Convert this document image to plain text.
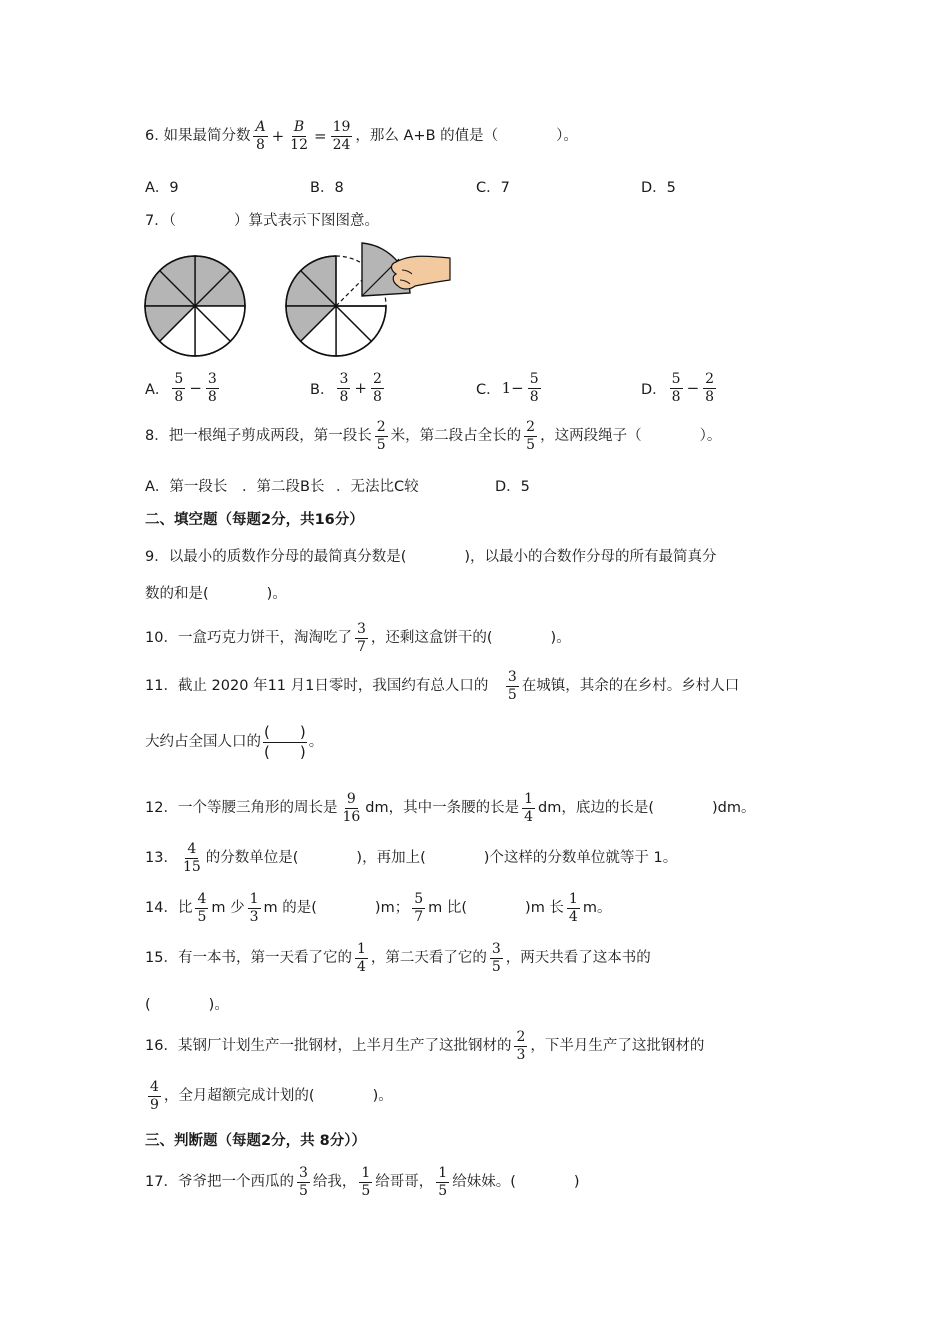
6. 如果最简分数 $\frac{A}{8} + \frac{B}{12} = \frac{19}{24}$ ，那么 A+B 的值是（　　　　）。
A．9	B．8	C．7	D．5
7．（　　　　）算式表示下图图意。
A． $\frac{5}{8} - \frac{3}{8}$	B． $\frac{3}{8} + \frac{2}{8}$	C． $1- \frac{5}{8}$	D． $\frac{5}{8} - \frac{2}{8}$
8．把一根绳子剪成两段，第一段长 $\frac{2}{5}$ 米，第二段占全长的 $\frac{2}{5}$ ，这两段绳子（　　　　）。
A．第一段长 ．第二段B长 ．无法比C较	D．5
二、填空题（每题2分，共16分）
9．以最小的质数作分母的最简真分数是(　　　　)，以最小的合数作分母的所有最简真分
数的和是(　　　　)。
10．一盒巧克力饼干，淘淘吃了 $\frac{3}{7}$ ，还剩这盒饼干的(　　　　)。
11．截止 2020 年11 月1日零时，我国约有总人口的　 $\frac{3}{5}$ 在城镇，其余的在乡村。乡村人口
大约占全国人口的
(　　)
(　　)
。
12．一个等腰三角形的周长是 $\frac{9}{16}$ dm，其中一条腰的长是 $\frac{1}{4}$ dm，底边的长是(　　　　)dm。
13． $\frac{4}{15}$ 的分数单位是(　　　　)，再加上(　　　　)个这样的分数单位就等于 1。
14．比 $\frac{4}{5}$ m 少 $\frac{1}{3}$ m 的是(　　　　)m； $\frac{5}{7}$ m 比(　　　　)m 长 $\frac{1}{4}$ m。
15．有一本书，第一天看了它的 $\frac{1}{4}$ ，第二天看了它的 $\frac{3}{5}$ ，两天共看了这本书的
(　　　　)。
16．某钢厂计划生产一批钢材，上半月生产了这批钢材的 $\frac{2}{3}$ ，下半月生产了这批钢材的
$\frac{4}{9}$ ，全月超额完成计划的(　　　　)。
三、判断题（每题2分，共 8分））
17．爷爷把一个西瓜的 $\frac{3}{5}$ 给我， $\frac{1}{5}$ 给哥哥， $\frac{1}{5}$ 给妹妹。(　　　　)
